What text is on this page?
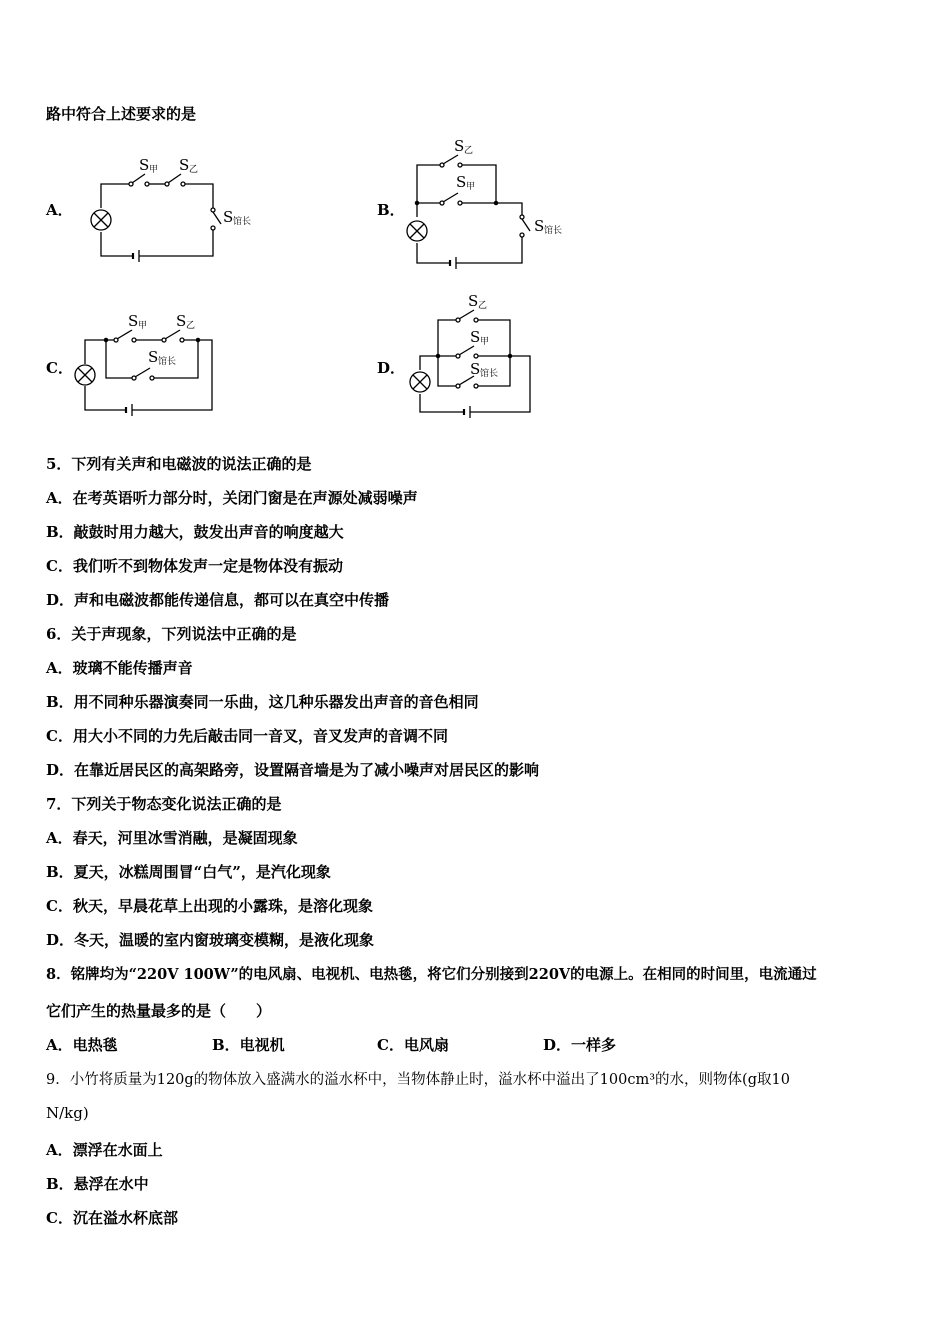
路中符合上述要求的是
A．
S 甲 S 乙
S 馆长
B．
S 乙
S 甲
S 馆长
C．
S 甲 S 乙
S 馆长	D．
S 乙
S 甲
S 馆长
5．下列有关声和电磁波的说法正确的是
A．在考英语听力部分时，关闭门窗是在声源处减弱噪声
B．敲鼓时用力越大，鼓发出声音的响度越大
C．我们听不到物体发声一定是物体没有振动
D．声和电磁波都能传递信息，都可以在真空中传播
6．关于声现象，下列说法中正确的是
A．玻璃不能传播声音
B．用不同种乐器演奏同一乐曲，这几种乐器发出声音的音色相同
C．用大小不同的力先后敲击同一音叉，音叉发声的音调不同
D．在靠近居民区的高架路旁，设置隔音墙是为了减小噪声对居民区的影响
7．下列关于物态变化说法正确的是
A．春天，河里冰雪消融，是凝固现象
B．夏天，冰糕周围冒“白气”，是汽化现象
C．秋天，早晨花草上出现的小露珠，是溶化现象
D．冬天，温暖的室内窗玻璃变模糊，是液化现象
8．铭牌均为“220V 100W”的电风扇、电视机、电热毯，将它们分别接到220V的电源上。在相同的时间里，电流通过
它们产生的热量最多的是（　　）
A．电热毯	B．电视机	C．电风扇	D．一样多
9．小竹将质量为120g的物体放入盛满水的溢水杯中，当物体静止时，溢水杯中溢出了100cm³的水，则物体(g取10
N/kg)
A．漂浮在水面上
B．悬浮在水中
C．沉在溢水杯底部
